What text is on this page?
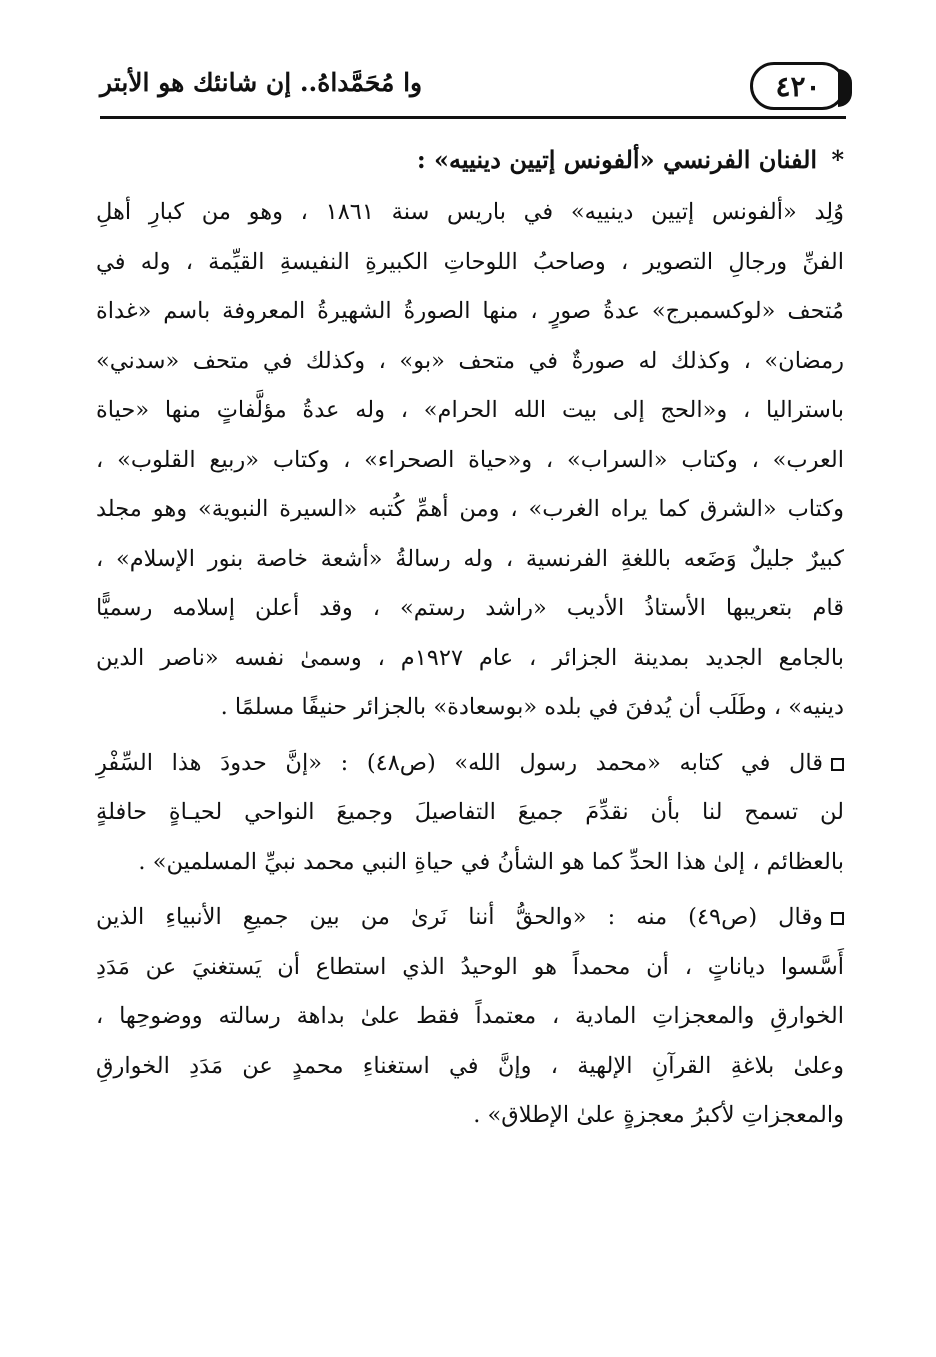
٤٢٠
وا مُحَمَّداهُ.. إن شانئك هو الأبتر
* الفنان الفرنسي «ألفونس إتيين دينييه» :

وُلِد «ألفونس إتيين دينييه» في باريس سنة ١٨٦١ ، وهو من كبارِ أهلِ
الفنِّ ورجالِ التصوير ، وصاحبُ اللوحاتِ الكبيرةِ النفيسةِ القيِّمة ، وله في
مُتحف «لوكسمبرج» عدةُ صورٍ ، منها الصورةُ الشهيرةُ المعروفة باسم «غداة
رمضان» ، وكذلك له صورةٌ في متحف «بو» ، وكذلك في متحف «سدني»
باستراليا ، و«الحج إلى بيت الله الحرام» ، وله عدةُ مؤلَّفاتٍ منها «حياة
العرب» ، وكتاب «السراب» ، و«حياة الصحراء» ، وكتاب «ربيع القلوب» ،
وكتاب «الشرق كما يراه الغرب» ، ومن أهمِّ كُتبه «السيرة النبوية» وهو مجلد
كبيرٌ جليلٌ وَضَعه باللغةِ الفرنسية ، وله رسالةُ «أشعة خاصة بنور الإسلام» ،
قام بتعريبها الأستاذُ الأديب «راشد رستم» ، وقد أعلن إسلامه رسميًّا
بالجامع الجديد بمدينة الجزائر ، عام ١٩٢٧م ، وسمىٰ نفسه «ناصر الدين
دينيه» ، وطَلَب أن يُدفنَ في بلده «بوسعادة» بالجزائر حنيفًا مسلمًا .

قال في كتابه «محمد رسول الله» (ص٤٨) : «إنَّ حدودَ هذا السِّفْرِ
لن تسمح لنا بأن نقدِّمَ جميعَ التفاصيلَ وجميعَ النواحي لحيـاةٍ حافلةٍ
بالعظائم ، إلىٰ هذا الحدِّ كما هو الشأنُ في حياةِ النبي محمد نبيِّ المسلمين» .

وقال (ص٤٩) منه : «والحقُّ أننا نَرىٰ من بين جميعِ الأنبياءِ الذين
أَسَّسوا دياناتٍ ، أن محمداً هو الوحيدُ الذي استطاع أن يَستغنيَ عن مَدَدِ
الخوارقِ والمعجزاتِ المادية ، معتمداً فقط علىٰ بداهة رسالته ووضوحِها ،
وعلىٰ بلاغةِ القرآنِ الإلهية ، وإنَّ في استغناءِ محمدٍ عن مَدَدِ الخوارقِ
والمعجزاتِ لأكبرُ معجزةٍ علىٰ الإطلاق» .
